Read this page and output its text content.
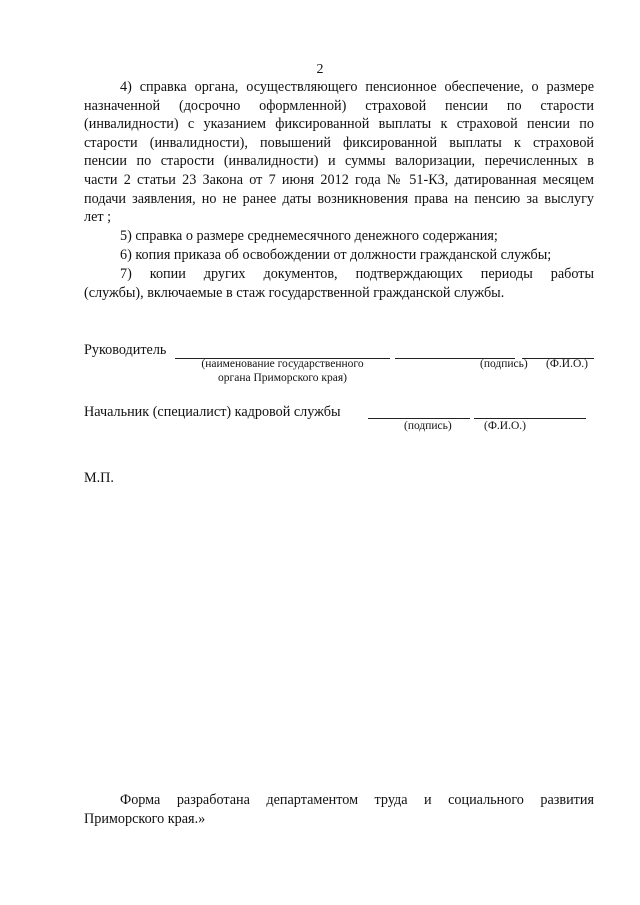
2
4) справка органа, осуществляющего пенсионное обеспечение, о размере
назначенной (досрочно оформленной) страховой пенсии по старости
(инвалидности) с указанием фиксированной выплаты к страховой пенсии по
старости (инвалидности), повышений фиксированной выплаты к страховой
пенсии по старости (инвалидности) и суммы валоризации, перечисленных в
части 2 статьи 23 Закона от 7 июня 2012 года № 51-КЗ, датированная месяцем
подачи заявления, но не ранее даты возникновения права на пенсию за выслугу
лет ;
5) справка о размере среднемесячного денежного содержания;
6) копия приказа об освобождении от должности гражданской службы;
7) копии других документов, подтверждающих периоды работы
(службы), включаемые в стаж государственной гражданской службы.
Руководитель
(наименование государственного
органа Приморского края)
(подпись) (Ф.И.О.)
Начальник (специалист) кадровой службы
(подпись)	(Ф.И.О.)
М.П.
Форма разработана департаментом труда и социального развития
Приморского края.»
